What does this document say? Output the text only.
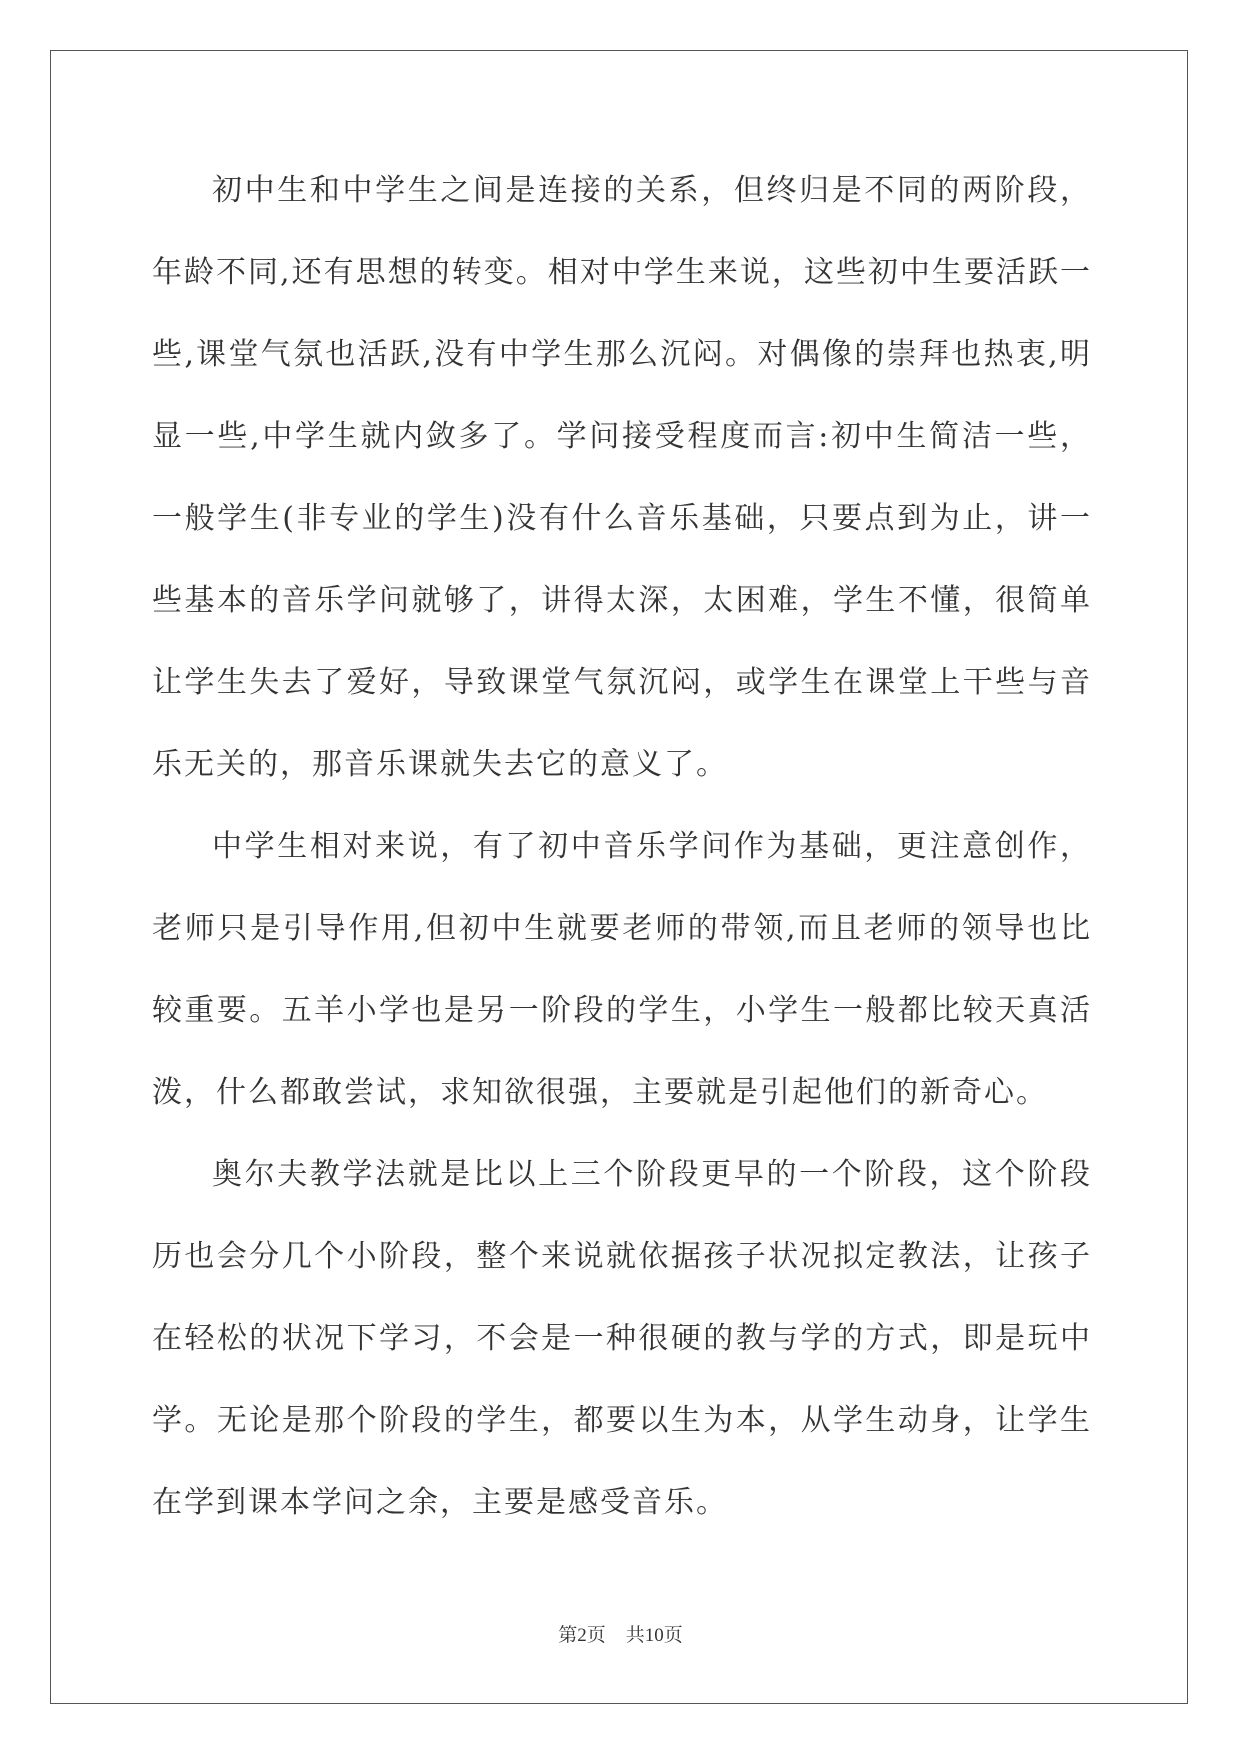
初中生和中学生之间是连接的关系，但终归是不同的两阶段，年龄不同,还有思想的转变。相对中学生来说，这些初中生要活跃一些,课堂气氛也活跃,没有中学生那么沉闷。对偶像的崇拜也热衷,明显一些,中学生就内敛多了。学问接受程度而言:初中生简洁一些，一般学生(非专业的学生)没有什么音乐基础，只要点到为止，讲一些基本的音乐学问就够了，讲得太深，太困难，学生不懂，很简单让学生失去了爱好，导致课堂气氛沉闷，或学生在课堂上干些与音乐无关的，那音乐课就失去它的意义了。

中学生相对来说，有了初中音乐学问作为基础，更注意创作，老师只是引导作用,但初中生就要老师的带领,而且老师的领导也比较重要。五羊小学也是另一阶段的学生，小学生一般都比较天真活泼，什么都敢尝试，求知欲很强，主要就是引起他们的新奇心。

奥尔夫教学法就是比以上三个阶段更早的一个阶段，这个阶段历也会分几个小阶段，整个来说就依据孩子状况拟定教法，让孩子在轻松的状况下学习，不会是一种很硬的教与学的方式，即是玩中学。无论是那个阶段的学生，都要以生为本，从学生动身，让学生在学到课本学问之余，主要是感受音乐。

第2页 共10页
